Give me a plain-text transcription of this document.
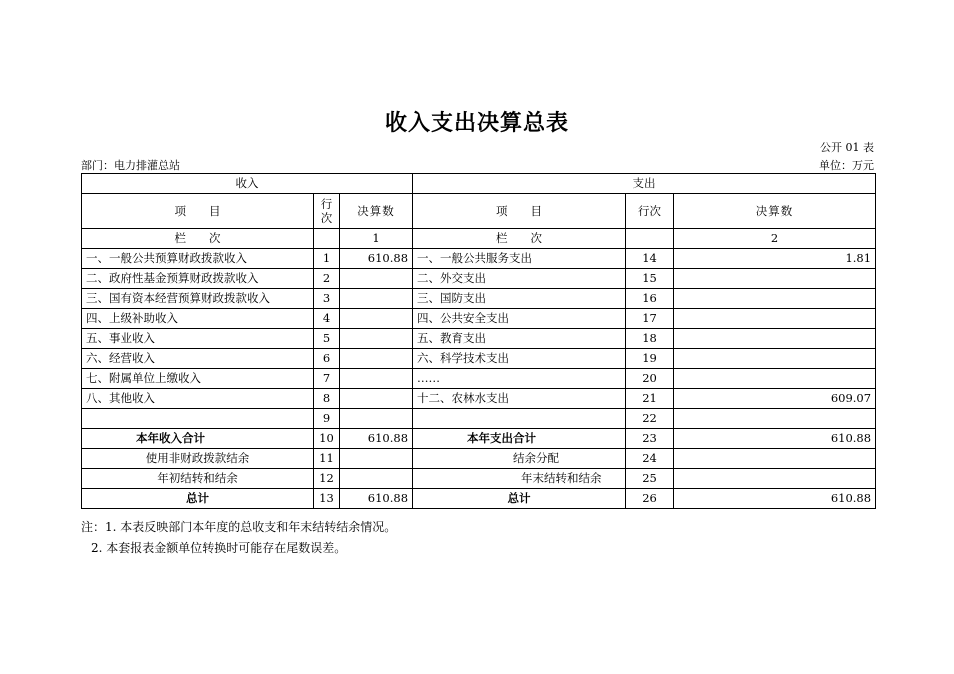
收入支出决算总表
公开 01 表
部门：电力排灌总站	单位：万元
收入			支出		
项　　目	行次	决算数	项　　目	行次	决算数
栏　　次		1	栏　　次		2
一、一般公共预算财政拨款收入	1	610.88	一、一般公共服务支出	14	1.81
二、政府性基金预算财政拨款收入	2		二、外交支出	15	
三、国有资本经营预算财政拨款收入	3		三、国防支出	16	
四、上级补助收入	4		四、公共安全支出	17	
五、事业收入	5		五、教育支出	18	
六、经营收入	6		六、科学技术支出	19	
七、附属单位上缴收入	7		……	20	
八、其他收入	8		十二、农林水支出	21	609.07
	9			22	
本年收入合计	10	610.88	本年支出合计	23	610.88
使用非财政拨款结余	11		结余分配	24	
年初结转和结余	12		年末结转和结余	25	
总计	13	610.88	总计	26	610.88
注：1. 本表反映部门本年度的总收支和年末结转结余情况。
2. 本套报表金额单位转换时可能存在尾数误差。
